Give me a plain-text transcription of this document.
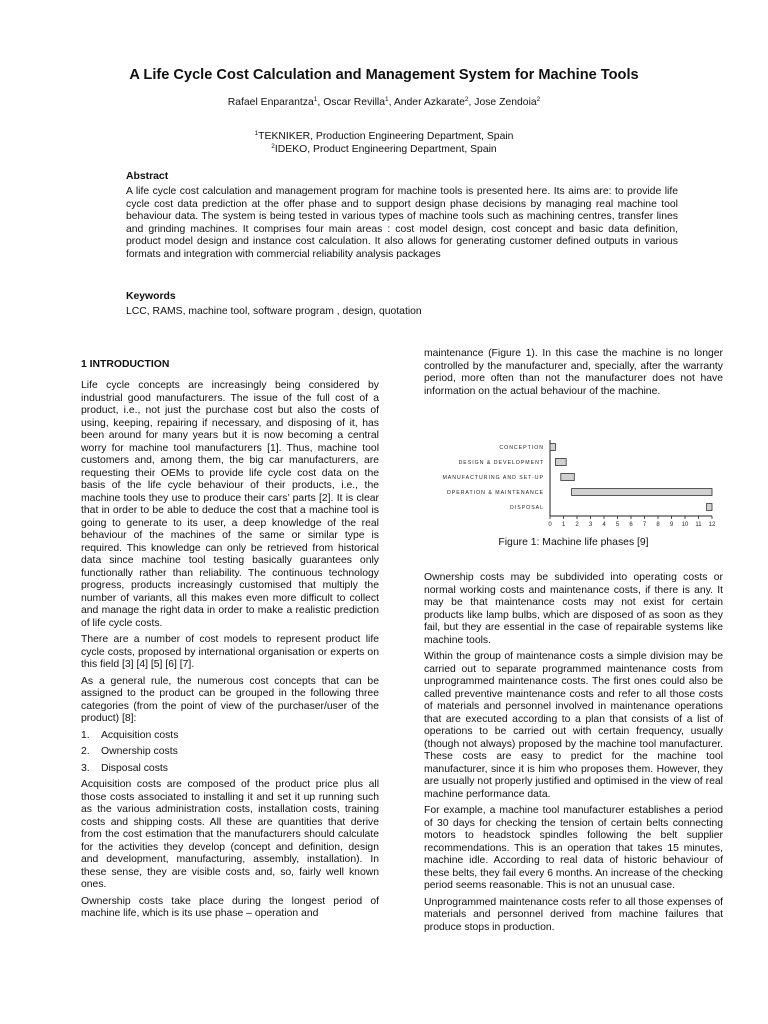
A Life Cycle Cost Calculation and Management System for Machine Tools
Rafael Enparantza$^1$, Oscar Revilla$^1$, Ander Azkarate$^2$, Jose Zendoia$^2$
$^1$TEKNIKER, Production Engineering Department, Spain
$^2$IDEKO, Product Engineering Department, Spain
Abstract
A life cycle cost calculation and management program for machine tools is presented here. Its aims are: to provide life cycle cost data prediction at the offer phase and to support design phase decisions by managing real machine tool behaviour data. The system is being tested in various types of machine tools such as machining centres, transfer lines and grinding machines. It comprises four main areas : cost model design, cost concept and basic data definition, product model design and instance cost calculation. It also allows for generating customer defined outputs in various formats and integration with commercial reliability analysis packages
Keywords
LCC, RAMS, machine tool, software program , design, quotation
1 INTRODUCTION

Life cycle concepts are increasingly being considered by industrial good manufacturers. The issue of the full cost of a product, i.e., not just the purchase cost but also the costs of using, keeping, repairing if necessary, and disposing of it, has been around for many years but it is now becoming a central worry for machine tool manufacturers [1]. Thus, machine tool customers and, among them, the big car manufacturers, are requesting their OEMs to provide life cycle cost data on the basis of the life cycle behaviour of their products, i.e., the machine tools they use to produce their cars’ parts [2]. It is clear that in order to be able to deduce the cost that a machine tool is going to generate to its user, a deep knowledge of the real behaviour of the machines of the same or similar type is required. This knowledge can only be retrieved from historical data since machine tool testing basically guarantees only functionally rather than reliability. The continuous technology progress, products increasingly customised that multiply the number of variants, all this makes even more difficult to collect and manage the right data in order to make a realistic prediction of life cycle costs.

There are a number of cost models to represent product life cycle costs, proposed by international organisation or experts on this field [3] [4] [5] [6] [7].

As a general rule, the numerous cost concepts that can be assigned to the product can be grouped in the following three categories (from the point of view of the purchaser/user of the product) [8]:

1.	Acquisition costs
2.	Ownership costs
3.	Disposal costs

Acquisition costs are composed of the product price plus all those costs associated to installing it and set it up running such as the various administration costs, installation costs, training costs and shipping costs. All these are quantities that derive from the cost estimation that the manufacturers should calculate for the activities they develop (concept and definition, design and development, manufacturing, assembly, installation). In these sense, they are visible costs and, so, fairly well known ones.

Ownership costs take place during the longest period of machine life, which is its use phase – operation and

maintenance (Figure 1). In this case the machine is no longer controlled by the manufacturer and, specially, after the warranty period, more often than not the manufacturer does not have information on the actual behaviour of the machine.

CONCEPTION
DESIGN & DEVELOPMENT
MANUFACTURING AND SET-UP
OPERATION & MAINTENANCE
DISPOSAL
0 1 2 3 4 5 6 7 8 9 10 11 12
Figure 1: Machine life phases [9]

Ownership costs may be subdivided into operating costs or normal working costs and maintenance costs, if there is any. It may be that maintenance costs may not exist for certain products like lamp bulbs, which are disposed of as soon as they fail, but they are essential in the case of repairable systems like machine tools.

Within the group of maintenance costs a simple division may be carried out to separate programmed maintenance costs from unprogrammed maintenance costs. The first ones could also be called preventive maintenance costs and refer to all those costs of materials and personnel involved in maintenance operations that are executed according to a plan that consists of a list of operations to be carried out with certain frequency, usually (though not always) proposed by the machine tool manufacturer. These costs are easy to predict for the machine tool manufacturer, since it is him who proposes them. However, they are usually not properly justified and optimised in the view of real machine performance data.

For example, a machine tool manufacturer establishes a period of 30 days for checking the tension of certain belts connecting motors to headstock spindles following the belt supplier recommendations. This is an operation that takes 15 minutes, machine idle. According to real data of historic behaviour of these belts, they fail every 6 months. An increase of the checking period seems reasonable. This is not an unusual case.

Unprogrammed maintenance costs refer to all those expenses of materials and personnel derived from machine failures that produce stops in production.
